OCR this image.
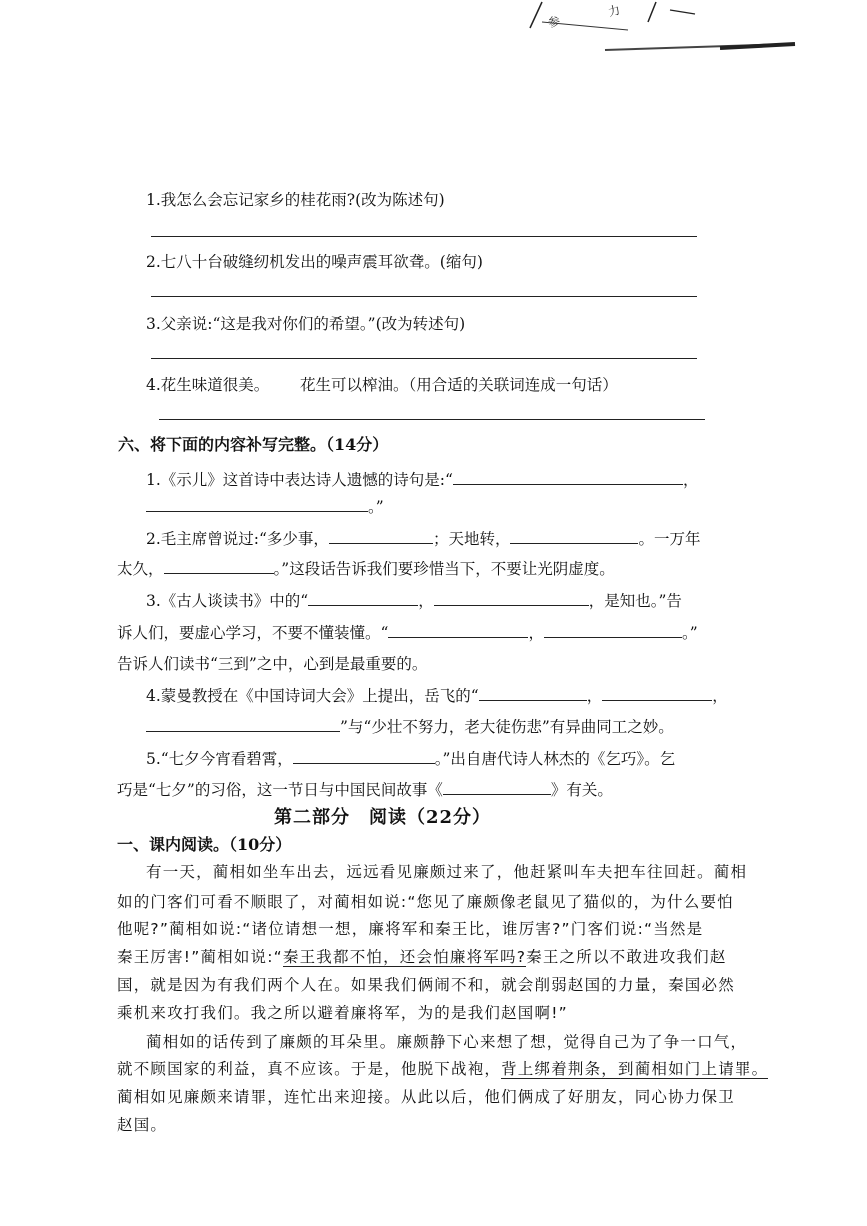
参
力
1.我怎么会忘记家乡的桂花雨?(改为陈述句)
2.七八十台破缝纫机发出的噪声震耳欲聋。(缩句)
3.父亲说:“这是我对你们的希望。”(改为转述句)
4.花生味道很美。 花生可以榨油。（用合适的关联词连成一句话）
六、将下面的内容补写完整。（14分）
1.《示儿》这首诗中表达诗人遗憾的诗句是:“	，
。”
2.毛主席曾说过:“多少事，	；天地转，	。一万年
太久，	。”这段话告诉我们要珍惜当下，不要让光阴虚度。
3.《古人谈读书》中的“	，	，是知也。”告
诉人们，要虚心学习，不要不懂装懂。“	，	。”
告诉人们读书“三到”之中，心到是最重要的。
4.蒙曼教授在《中国诗词大会》上提出，岳飞的“	，	，
”与“少壮不努力，老大徒伤悲”有异曲同工之妙。
5.“七夕今宵看碧霄，	。”出自唐代诗人林杰的《乞巧》。乞
巧是“七夕”的习俗，这一节日与中国民间故事《	》有关。
第二部分　阅读（22分）
一、课内阅读。（10分）
有一天，蔺相如坐车出去，远远看见廉颇过来了，他赶紧叫车夫把车往回赶。蔺相
如的门客们可看不顺眼了，对蔺相如说:“您见了廉颇像老鼠见了猫似的，为什么要怕
他呢?”蔺相如说:“诸位请想一想，廉将军和秦王比，谁厉害?”门客们说:“当然是
秦王厉害!”蔺相如说:“秦王我都不怕，还会怕廉将军吗?秦王之所以不敢进攻我们赵
国，就是因为有我们两个人在。如果我们俩闹不和，就会削弱赵国的力量，秦国必然
乘机来攻打我们。我之所以避着廉将军，为的是我们赵国啊!”
蔺相如的话传到了廉颇的耳朵里。廉颇静下心来想了想，觉得自己为了争一口气，
就不顾国家的利益，真不应该。于是，他脱下战袍，背上绑着荆条，到蔺相如门上请罪。
蔺相如见廉颇来请罪，连忙出来迎接。从此以后，他们俩成了好朋友，同心协力保卫
赵国。
